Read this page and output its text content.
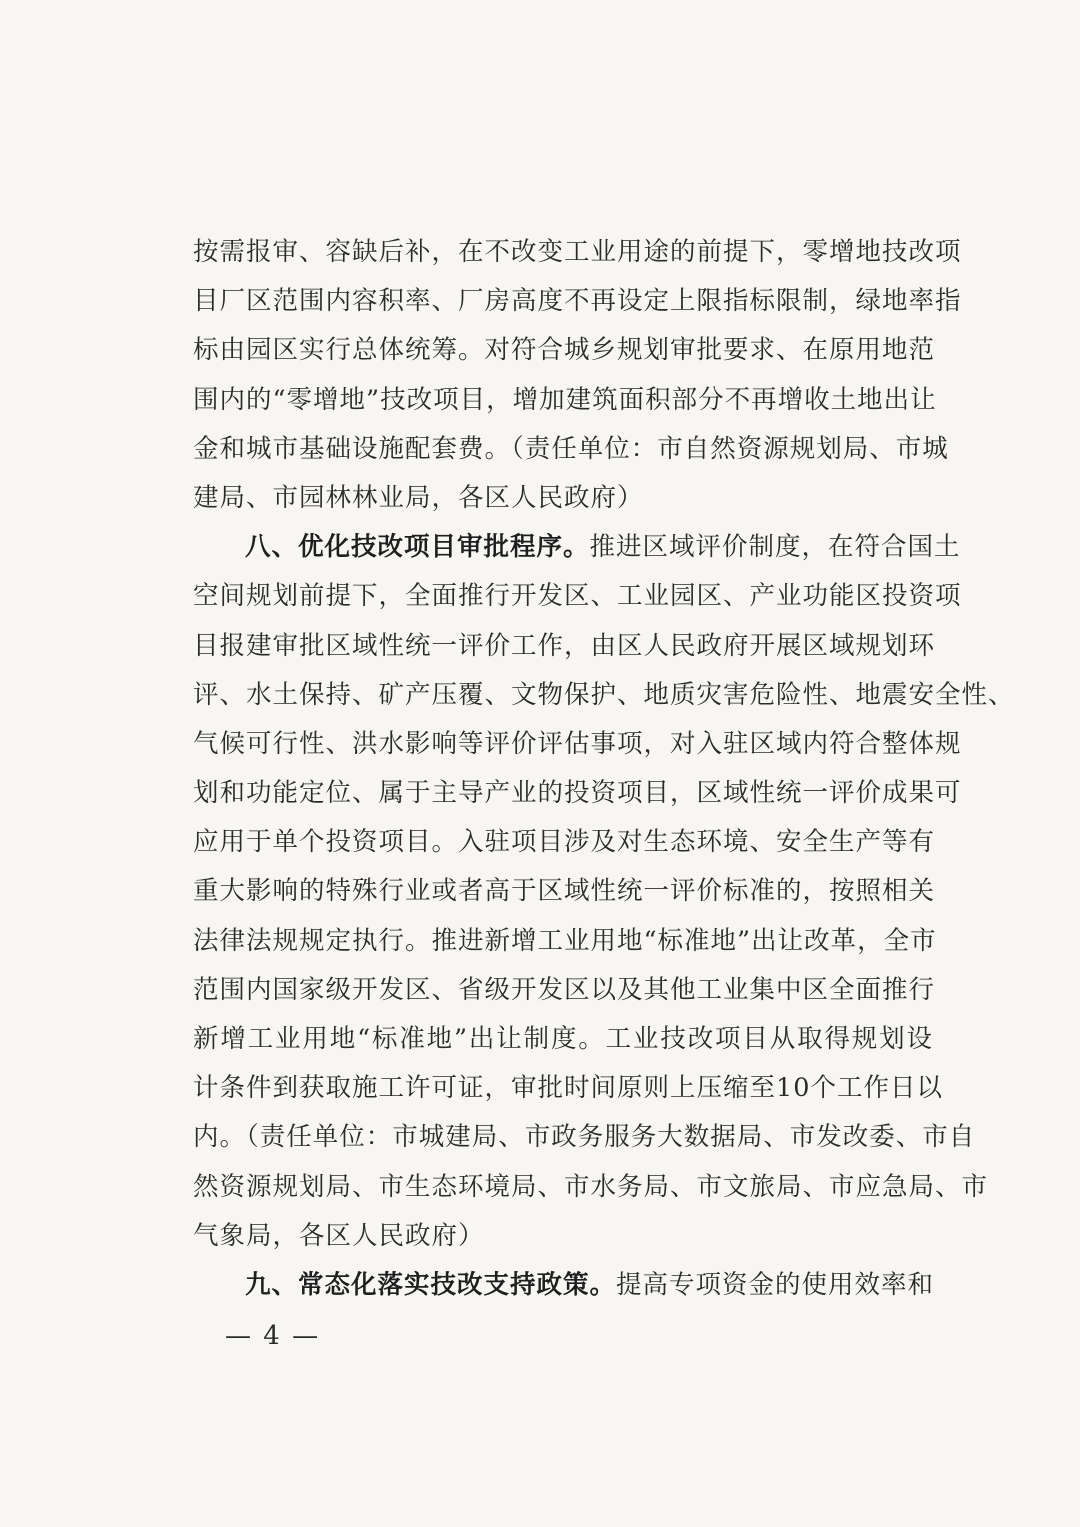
按需报审、容缺后补，在不改变工业用途的前提下，零增地技改项
目厂区范围内容积率、厂房高度不再设定上限指标限制，绿地率指
标由园区实行总体统筹。对符合城乡规划审批要求、在原用地范
围内的“零增地”技改项目，增加建筑面积部分不再增收土地出让
金和城市基础设施配套费。（责任单位：市自然资源规划局、市城
建局、市园林林业局，各区人民政府）
八、优化技改项目审批程序。推进区域评价制度，在符合国土
空间规划前提下，全面推行开发区、工业园区、产业功能区投资项
目报建审批区域性统一评价工作，由区人民政府开展区域规划环
评、水土保持、矿产压覆、文物保护、地质灾害危险性、地震安全性、
气候可行性、洪水影响等评价评估事项，对入驻区域内符合整体规
划和功能定位、属于主导产业的投资项目，区域性统一评价成果可
应用于单个投资项目。入驻项目涉及对生态环境、安全生产等有
重大影响的特殊行业或者高于区域性统一评价标准的，按照相关
法律法规规定执行。推进新增工业用地“标准地”出让改革，全市
范围内国家级开发区、省级开发区以及其他工业集中区全面推行
新增工业用地“标准地”出让制度。工业技改项目从取得规划设
计条件到获取施工许可证，审批时间原则上压缩至10个工作日以
内。（责任单位：市城建局、市政务服务大数据局、市发改委、市自
然资源规划局、市生态环境局、市水务局、市文旅局、市应急局、市
气象局，各区人民政府）
九、常态化落实技改支持政策。提高专项资金的使用效率和
— 4 —
